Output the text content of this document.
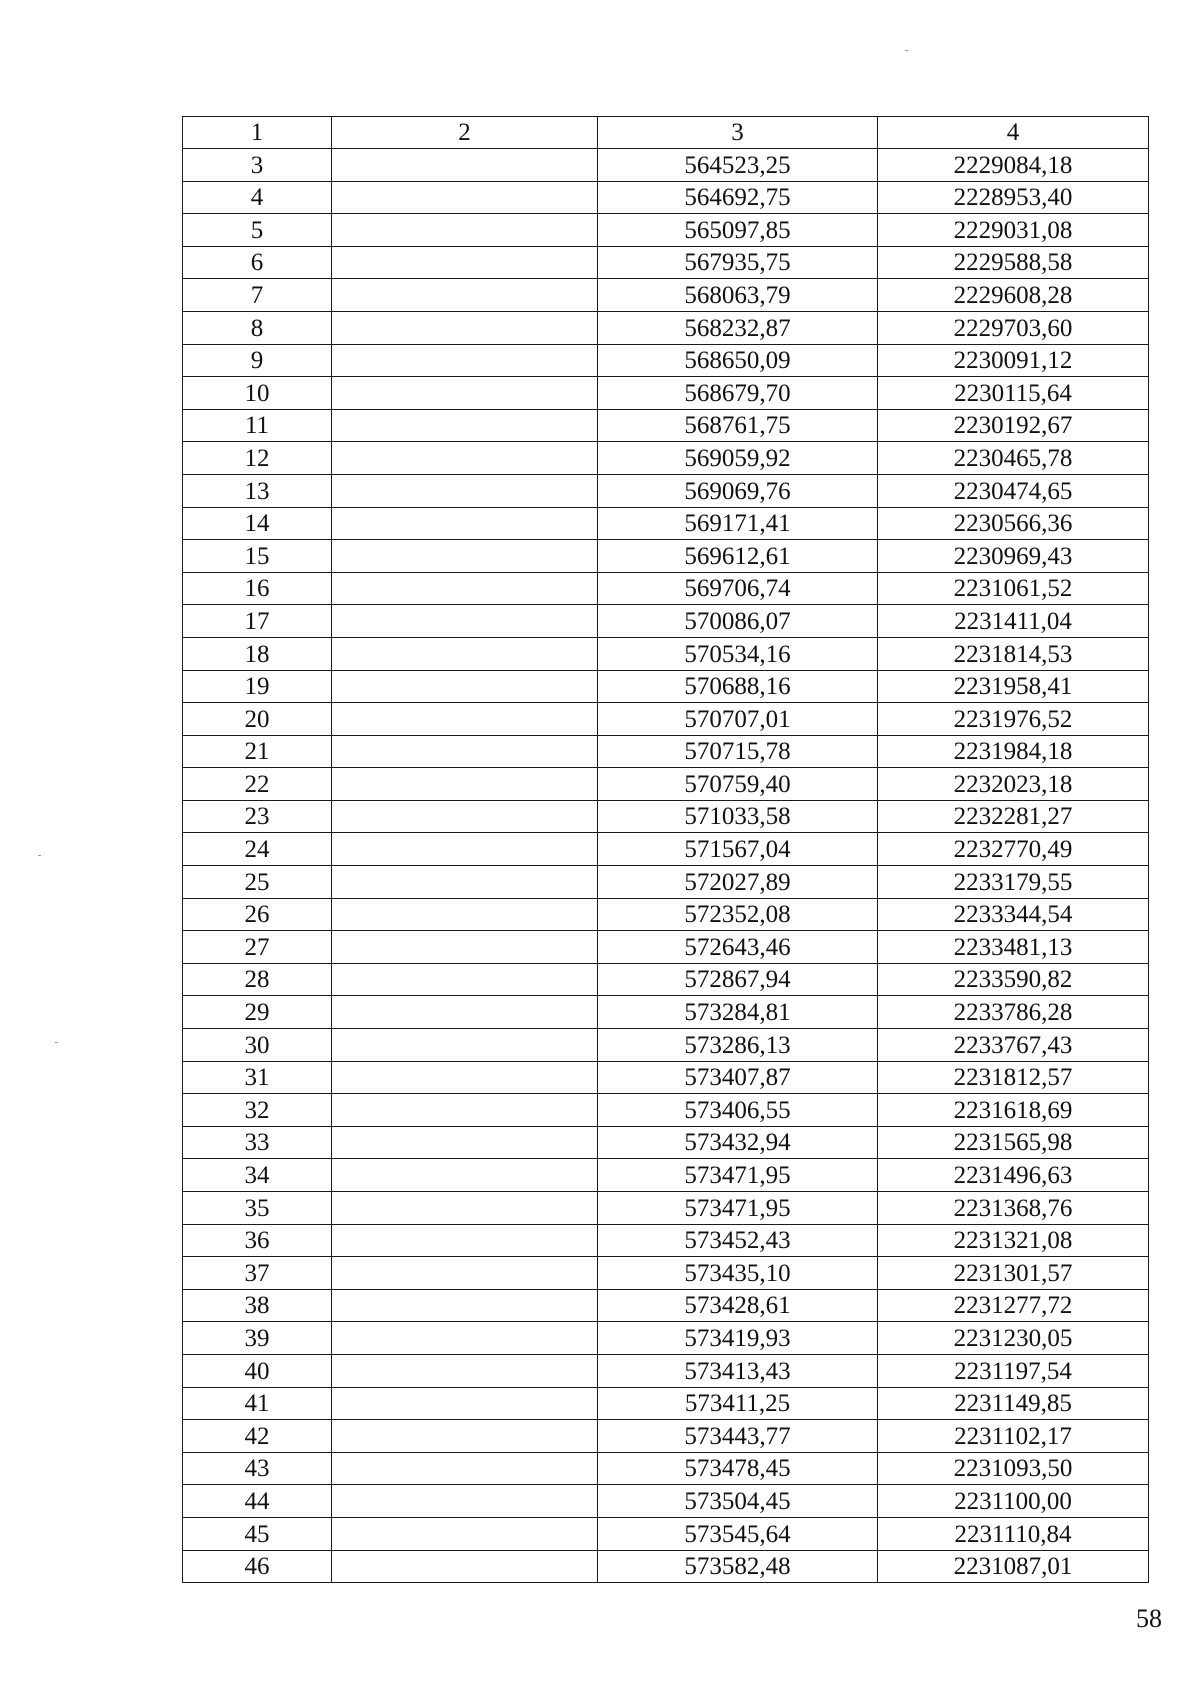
1	2	3	4
3		564523,25	2229084,18
4		564692,75	2228953,40
5		565097,85	2229031,08
6		567935,75	2229588,58
7		568063,79	2229608,28
8		568232,87	2229703,60
9		568650,09	2230091,12
10		568679,70	2230115,64
11		568761,75	2230192,67
12		569059,92	2230465,78
13		569069,76	2230474,65
14		569171,41	2230566,36
15		569612,61	2230969,43
16		569706,74	2231061,52
17		570086,07	2231411,04
18		570534,16	2231814,53
19		570688,16	2231958,41
20		570707,01	2231976,52
21		570715,78	2231984,18
22		570759,40	2232023,18
23		571033,58	2232281,27
24		571567,04	2232770,49
25		572027,89	2233179,55
26		572352,08	2233344,54
27		572643,46	2233481,13
28		572867,94	2233590,82
29		573284,81	2233786,28
30		573286,13	2233767,43
31		573407,87	2231812,57
32		573406,55	2231618,69
33		573432,94	2231565,98
34		573471,95	2231496,63
35		573471,95	2231368,76
36		573452,43	2231321,08
37		573435,10	2231301,57
38		573428,61	2231277,72
39		573419,93	2231230,05
40		573413,43	2231197,54
41		573411,25	2231149,85
42		573443,77	2231102,17
43		573478,45	2231093,50
44		573504,45	2231100,00
45		573545,64	2231110,84
46		573582,48	2231087,01
58
